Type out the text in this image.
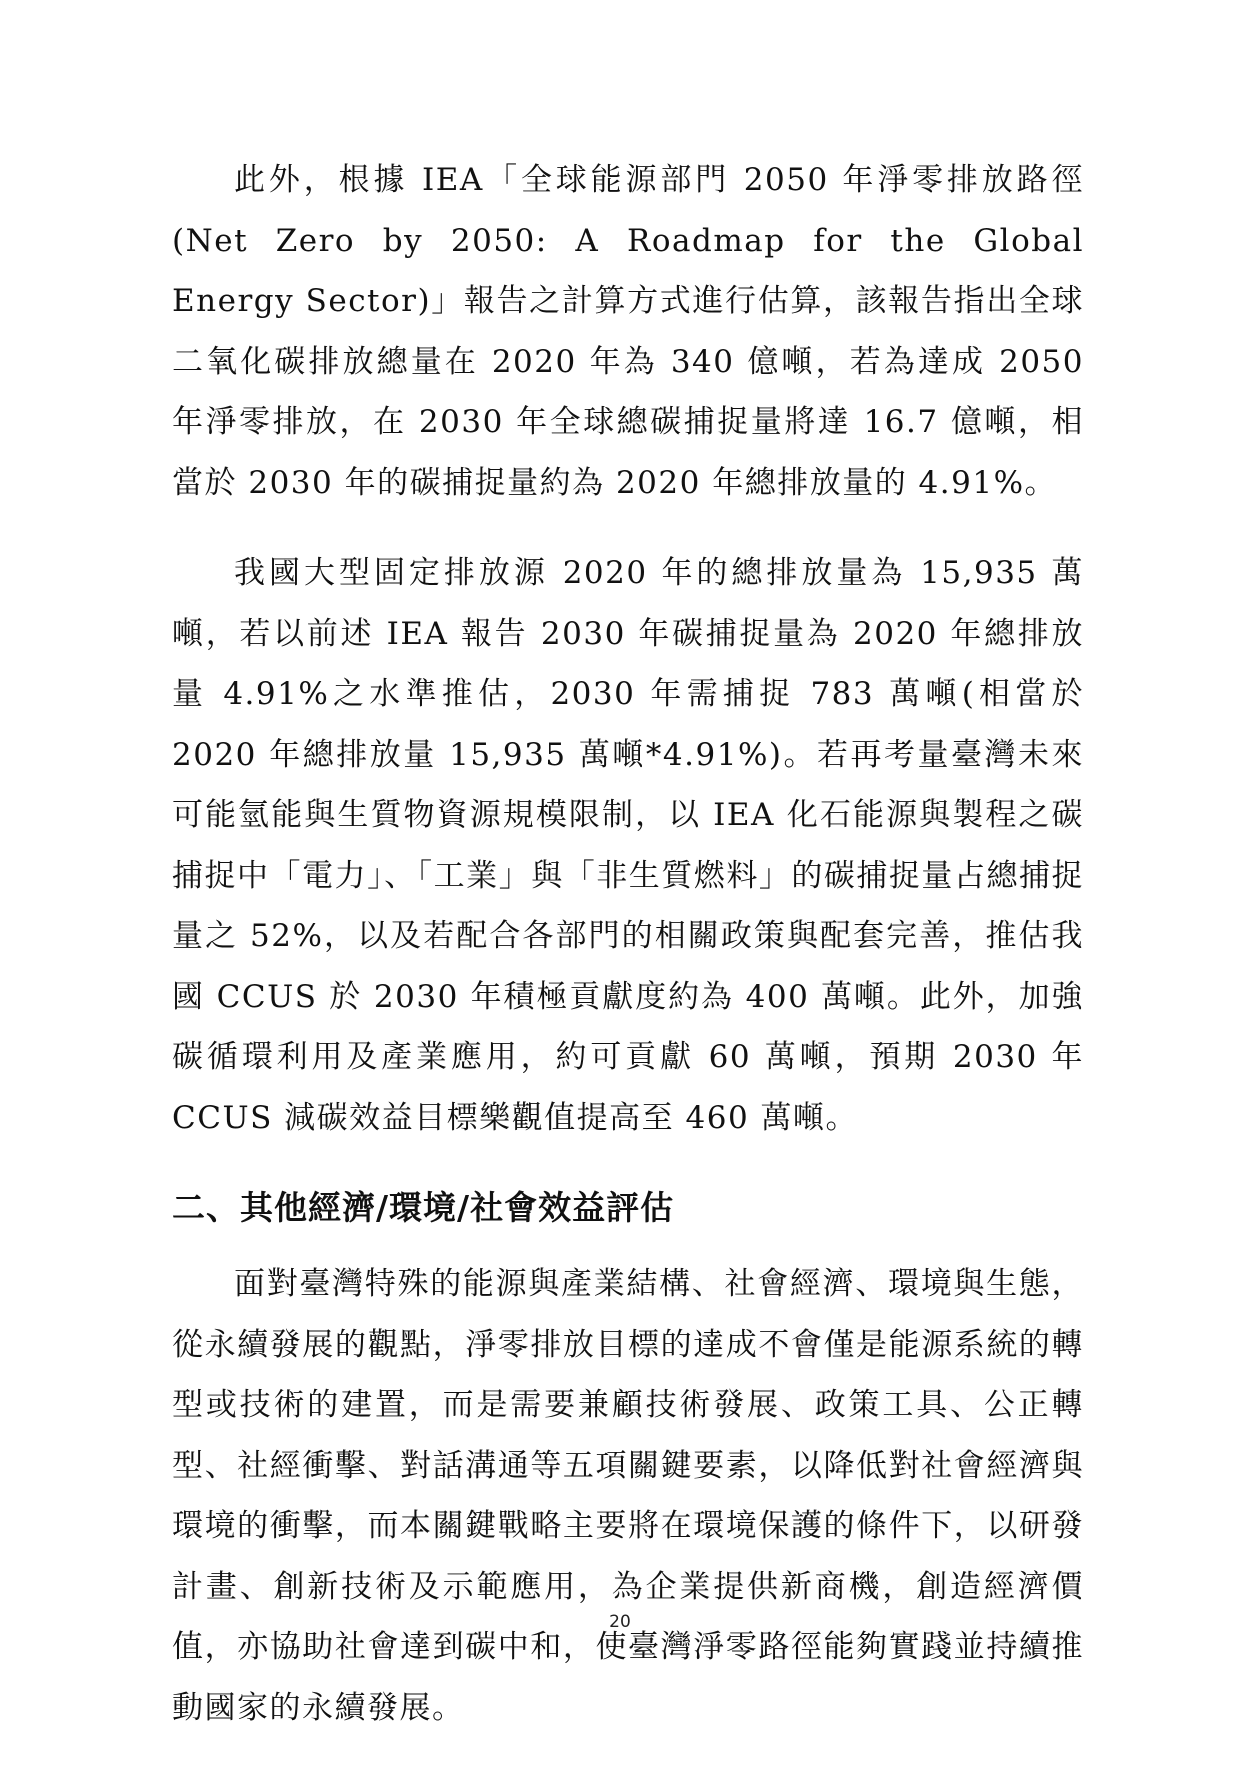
此外，根據 IEA「全球能源部門 2050 年淨零排放路徑(Net Zero by 2050: A Roadmap for the Global Energy Sector)」報告之計算方式進行估算，該報告指出全球二氧化碳排放總量在 2020 年為 340 億噸，若為達成 2050 年淨零排放，在 2030 年全球總碳捕捉量將達 16.7 億噸，相當於 2030 年的碳捕捉量約為 2020 年總排放量的 4.91%。

我國大型固定排放源 2020 年的總排放量為 15,935 萬噸，若以前述 IEA 報告 2030 年碳捕捉量為 2020 年總排放量 4.91%之水準推估，2030 年需捕捉 783 萬噸(相當於 2020 年總排放量 15,935 萬噸*4.91%)。若再考量臺灣未來可能氫能與生質物資源規模限制，以 IEA 化石能源與製程之碳捕捉中「電力」、「工業」與「非生質燃料」的碳捕捉量占總捕捉量之 52%，以及若配合各部門的相關政策與配套完善，推估我國 CCUS 於 2030 年積極貢獻度約為 400 萬噸。此外，加強碳循環利用及產業應用，約可貢獻 60 萬噸，預期 2030 年 CCUS 減碳效益目標樂觀值提高至 460 萬噸。

二、其他經濟/環境/社會效益評估

面對臺灣特殊的能源與產業結構、社會經濟、環境與生態，從永續發展的觀點，淨零排放目標的達成不會僅是能源系統的轉型或技術的建置，而是需要兼顧技術發展、政策工具、公正轉型、社經衝擊、對話溝通等五項關鍵要素，以降低對社會經濟與環境的衝擊，而本關鍵戰略主要將在環境保護的條件下，以研發計畫、創新技術及示範應用，為企業提供新商機，創造經濟價值，亦協助社會達到碳中和，使臺灣淨零路徑能夠實踐並持續推動國家的永續發展。

20
